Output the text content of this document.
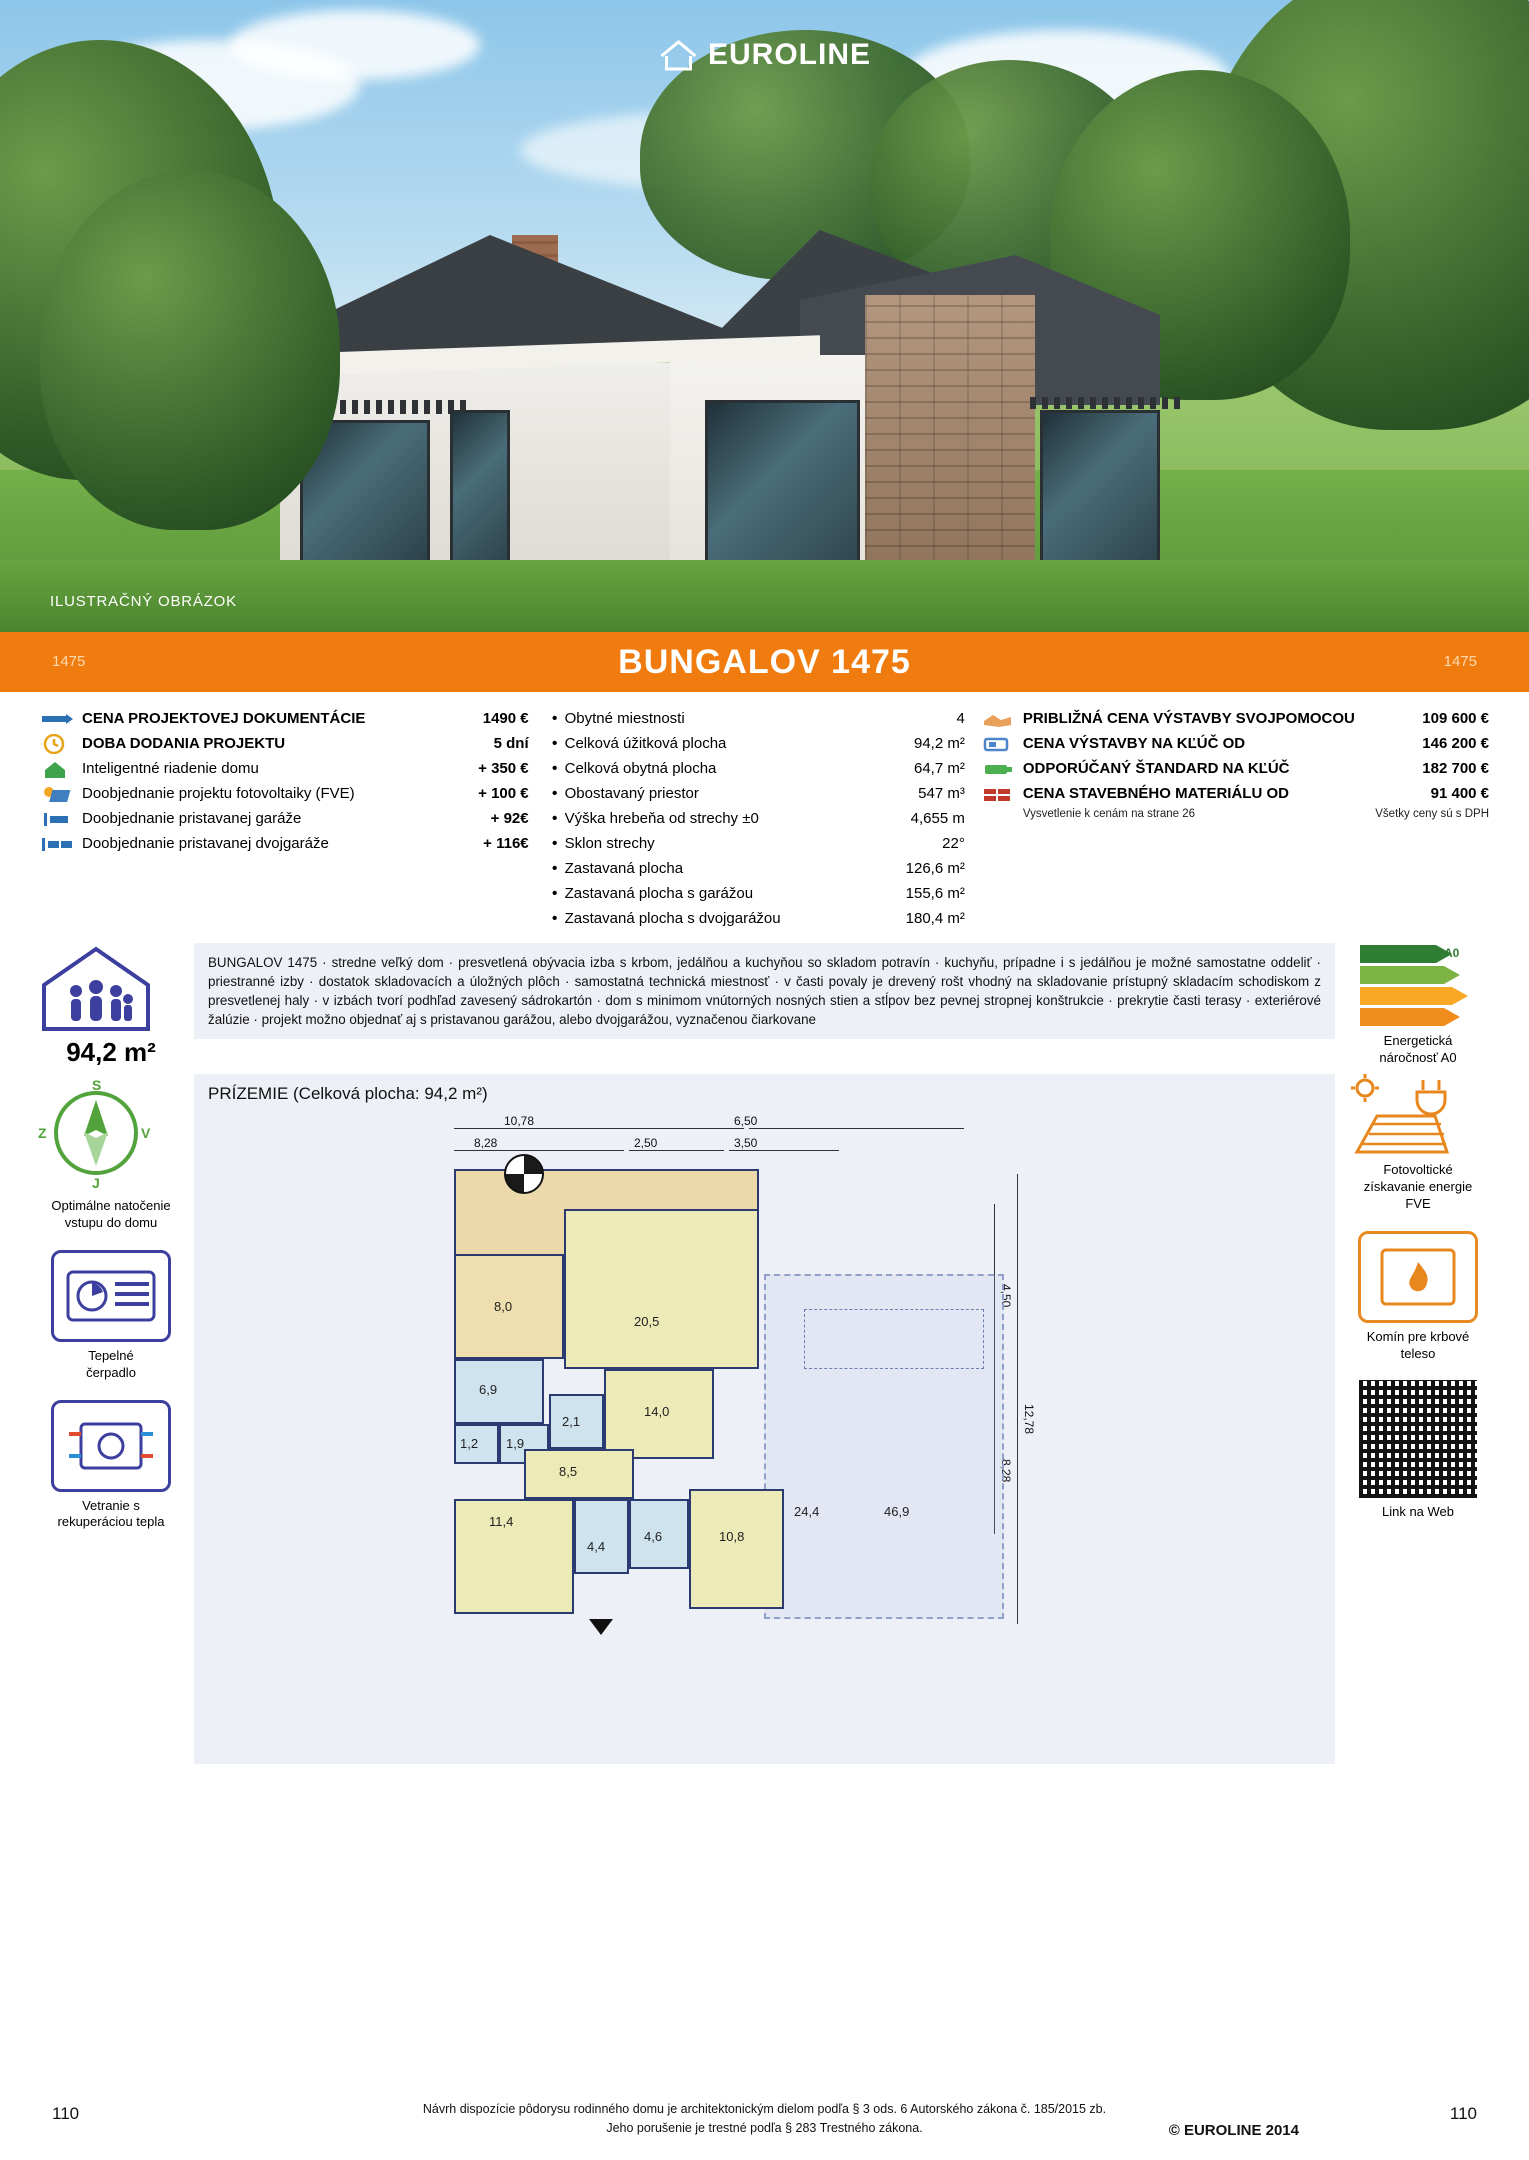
EUROLINE
ILUSTRAČNÝ OBRÁZOK
1475	BUNGALOV 1475	1475
CENA PROJEKTOVEJ DOKUMENTÁCIE	1490 €
DOBA DODANIA PROJEKTU	5 dní
Inteligentné riadenie domu	+ 350 €
Doobjednanie projektu fotovoltaiky (FVE)	+ 100 €
Doobjednanie pristavanej garáže	+ 92€
Doobjednanie pristavanej dvojgaráže	+ 116€
• Obytné miestnosti	4
• Celková úžitková plocha	94,2 m²
• Celková obytná plocha	64,7 m²
• Obostavaný priestor	547 m³
• Výška hrebeňa od strechy ±0	4,655 m
• Sklon strechy	22°
• Zastavaná plocha	126,6 m²
• Zastavaná plocha s garážou	155,6 m²
• Zastavaná plocha s dvojgarážou	180,4 m²
PRIBLIŽNÁ CENA VÝSTAVBY SVOJPOMOCOU	109 600 €
CENA VÝSTAVBY NA KĽÚČ OD	146 200 €
ODPORÚČANÝ ŠTANDARD NA KĽÚČ	182 700 €
CENA STAVEBNÉHO MATERIÁLU OD	91 400 €
Vysvetlenie k cenám na strane 26	Všetky ceny sú s DPH
94,2 m²
BUNGALOV 1475 · stredne veľký dom · presvetlená obývacia izba s krbom, jedálňou a kuchyňou so skladom potravín · kuchyňu, prípadne i s jedálňou je možné samostatne oddeliť · priestranné izby · dostatok skladovacích a úložných plôch · samostatná technická miestnosť · v časti povaly je drevený rošt vhodný na skladovanie prístupný skladacím schodiskom z presvetlenej haly · v izbách tvorí podhľad zavesený sádrokartón · dom s minimom vnútorných nosných stien a stĺpov bez pevnej stropnej konštrukcie · prekrytie časti terasy · exteriérové žalúzie · projekt možno objednať aj s pristavanou garážou, alebo dvojgarážou, vyznačenou čiarkovane
A0
Energetická
náročnosť A0
S
J
Z	V
Optimálne natočenie
vstupu do domu
Tepelné
čerpadlo
Vetranie s
rekuperáciou tepla
PRÍZEMIE (Celková plocha: 94,2 m²)
10,78	6,50
8,28	2,50	3,50
4,50
12,78
8,28
8,0
20,5
6,9
1,2 1,9
2,1
14,0
8,5
11,4
4,4
4,6	10,8
24,4	46,9
Fotovoltické
získavanie energie
FVE
Komín pre krbové
teleso
Link na Web
110	Návrh dispozície pôdorysu rodinného domu je architektonickým dielom podľa § 3 ods. 6 Autorského zákona č. 185/2015 zb.
Jeho porušenie je trestné podľa § 283 Trestného zákona.	© EUROLINE 2014
110
